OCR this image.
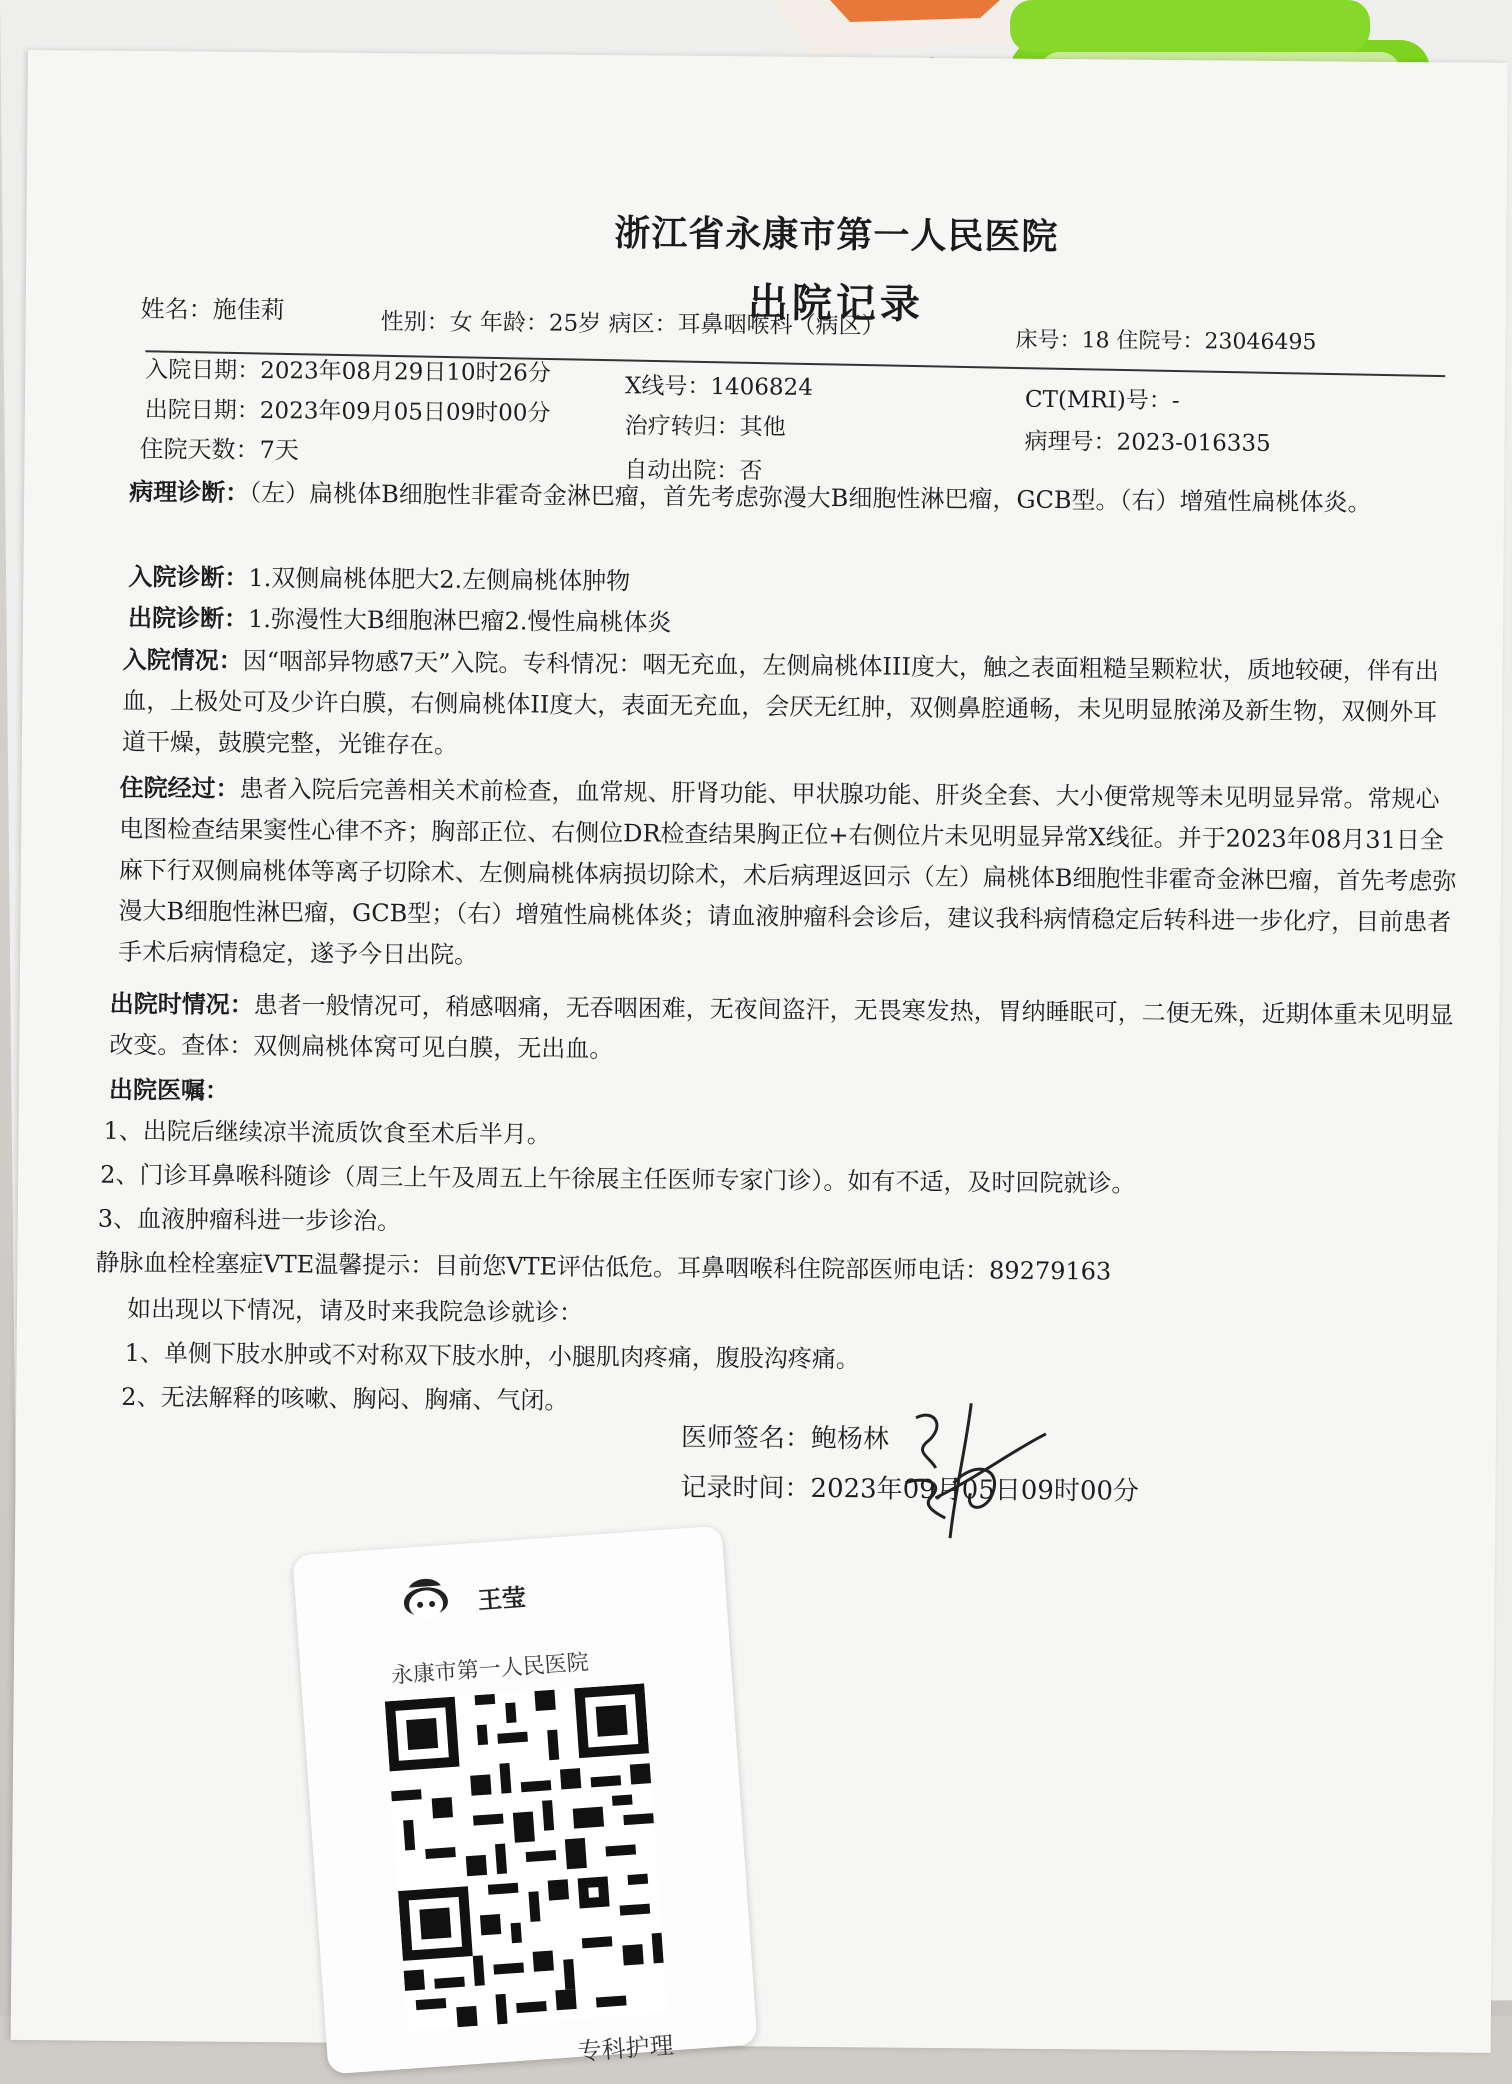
浙江省永康市第一人民医院
出院记录
姓名：施佳莉	性别：女 年龄：25岁 病区：耳鼻咽喉科（病区）
床号：18 住院号：23046495
入院日期：2023年08月29日10时26分
X线号：1406824	CT(MRI)号：-
出院日期：2023年09月05日09时00分
治疗转归：其他
病理号：2023-016335
住院天数：7天
自动出院：否
病理诊断：（左）扁桃体B细胞性非霍奇金淋巴瘤，首先考虑弥漫大B细胞性淋巴瘤，GCB型。（右）增殖性扁桃体炎。
入院诊断：1.双侧扁桃体肥大2.左侧扁桃体肿物
出院诊断：1.弥漫性大B细胞淋巴瘤2.慢性扁桃体炎
入院情况：因“咽部异物感7天”入院。专科情况：咽无充血，左侧扁桃体III度大，触之表面粗糙呈颗粒状，质地较硬，伴有出血，上极处可及少许白膜，右侧扁桃体II度大，表面无充血，会厌无红肿，双侧鼻腔通畅，未见明显脓涕及新生物，双侧外耳道干燥，鼓膜完整，光锥存在。
住院经过：患者入院后完善相关术前检查，血常规、肝肾功能、甲状腺功能、肝炎全套、大小便常规等未见明显异常。常规心电图检查结果窦性心律不齐；胸部正位、右侧位DR检查结果胸正位+右侧位片未见明显异常X线征。并于2023年08月31日全麻下行双侧扁桃体等离子切除术、左侧扁桃体病损切除术，术后病理返回示（左）扁桃体B细胞性非霍奇金淋巴瘤，首先考虑弥漫大B细胞性淋巴瘤，GCB型；（右）增殖性扁桃体炎；请血液肿瘤科会诊后，建议我科病情稳定后转科进一步化疗，目前患者手术后病情稳定，遂予今日出院。
出院时情况：患者一般情况可，稍感咽痛，无吞咽困难，无夜间盗汗，无畏寒发热，胃纳睡眠可，二便无殊，近期体重未见明显改变。查体：双侧扁桃体窝可见白膜，无出血。
出院医嘱：
1、出院后继续凉半流质饮食至术后半月。
2、门诊耳鼻喉科随诊（周三上午及周五上午徐展主任医师专家门诊）。如有不适，及时回院就诊。
3、血液肿瘤科进一步诊治。
静脉血栓栓塞症VTE温馨提示：目前您VTE评估低危。耳鼻咽喉科住院部医师电话：89279163
如出现以下情况，请及时来我院急诊就诊：
1、单侧下肢水肿或不对称双下肢水肿，小腿肌肉疼痛，腹股沟疼痛。
2、无法解释的咳嗽、胸闷、胸痛、气闭。
医师签名：鲍杨林
记录时间：2023年09月05日09时00分
王莹
永康市第一人民医院
专科护理
